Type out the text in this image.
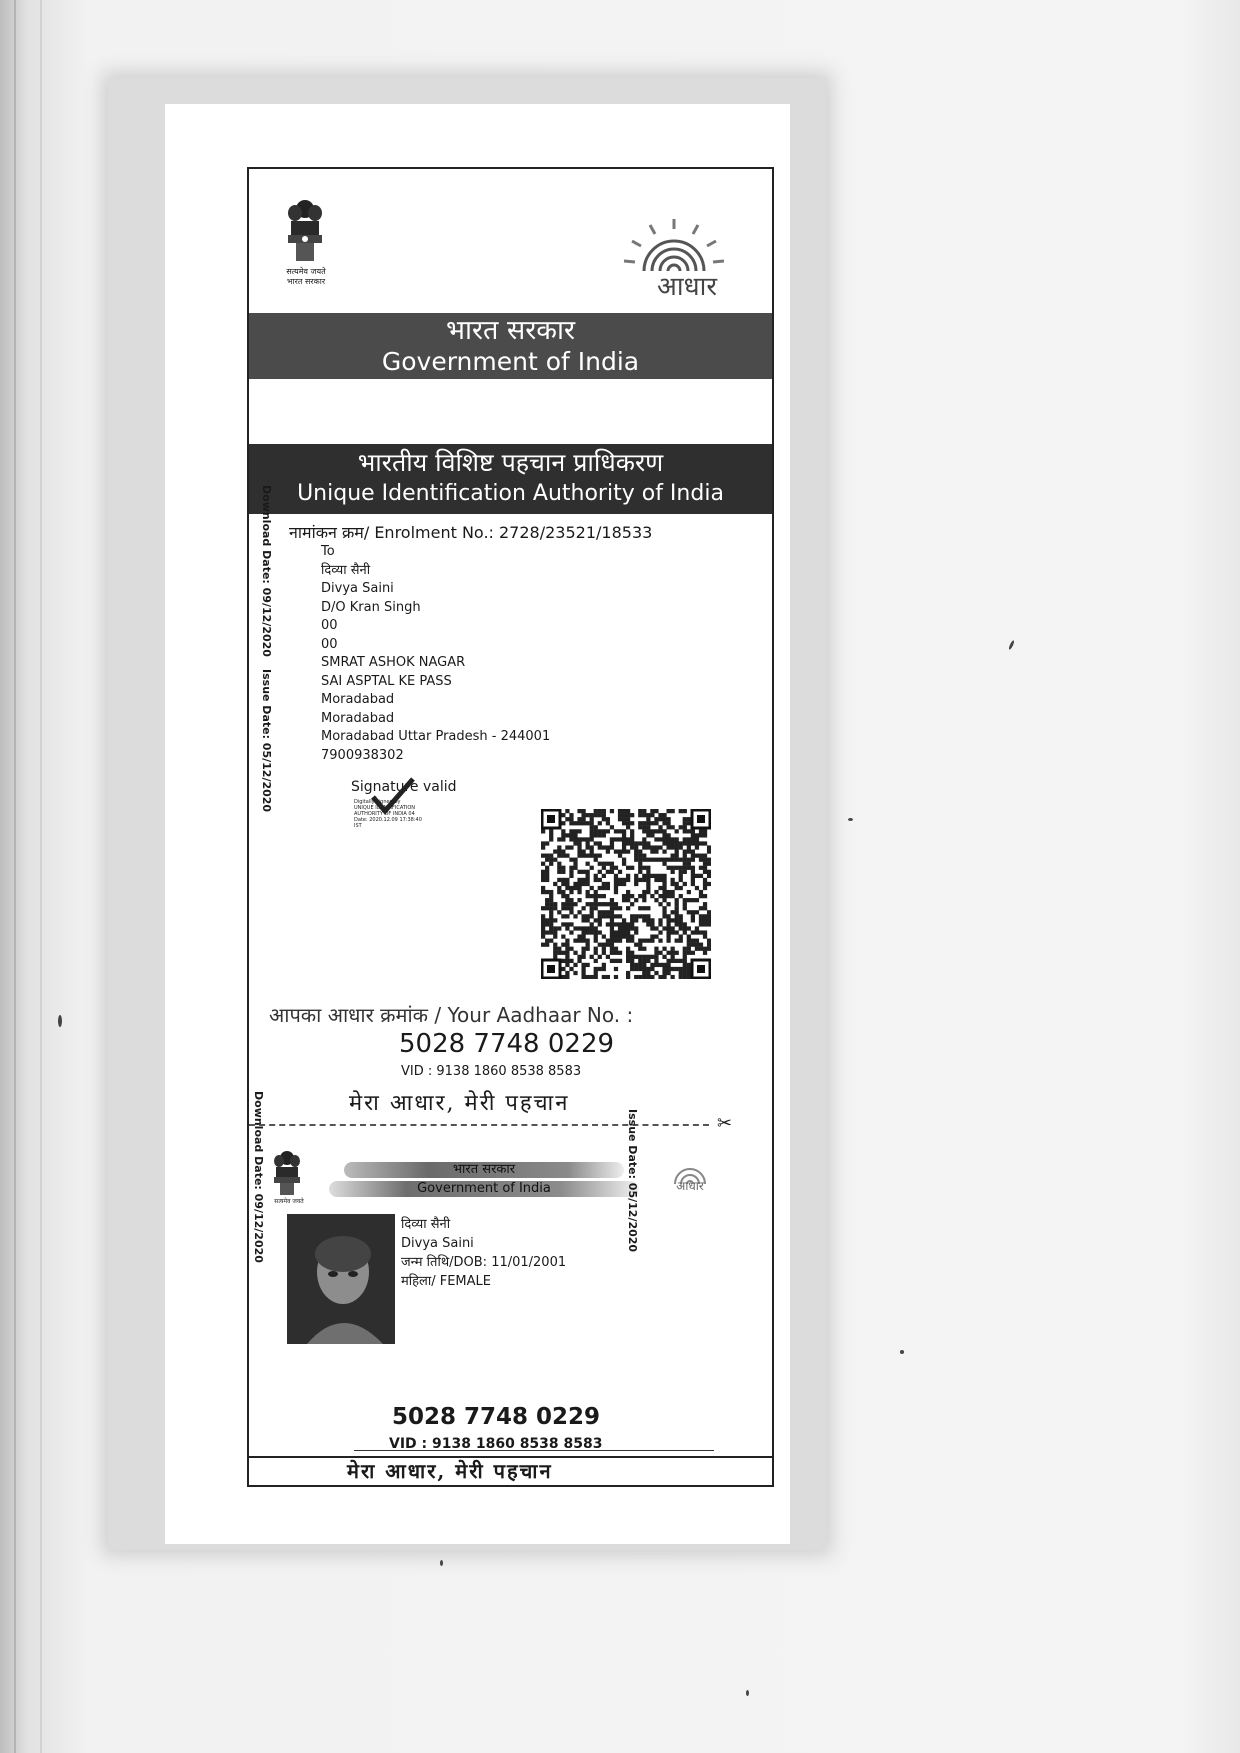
सत्यमेव जयते
भारत सरकार	आधार
भारत सरकार
Government of India
भारतीय विशिष्ट पहचान प्राधिकरण
Unique Identification Authority of India
नामांकन क्रम/ Enrolment No.: 2728/23521/18533
Download Date: 09/12/2020
Issue Date: 05/12/2020
To
दिव्या सैनी
Divya Saini
D/O Kran Singh
00
00
SMRAT ASHOK NAGAR
SAI ASPTAL KE PASS
Moradabad
Moradabad
Moradabad Uttar Pradesh - 244001
7900938302
Signature valid
Digitally signed by
UNIQUE IDENTIFICATION
AUTHORITY OF INDIA 04
Date: 2020.12.09 17:38:40
IST
आपका आधार क्रमांक / Your Aadhaar No. :
5028 7748 0229
VID : 9138 1860 8538 8583
मेरा आधार, मेरी पहचान
✂
सत्यमेव जयते
भारत सरकार
Government of India	आधार
Download Date: 09/12/2020	Issue Date: 05/12/2020
दिव्या सैनी
Divya Saini
जन्म तिथि/DOB: 11/01/2001
महिला/ FEMALE
5028 7748 0229
VID : 9138 1860 8538 8583
मेरा आधार, मेरी पहचान
